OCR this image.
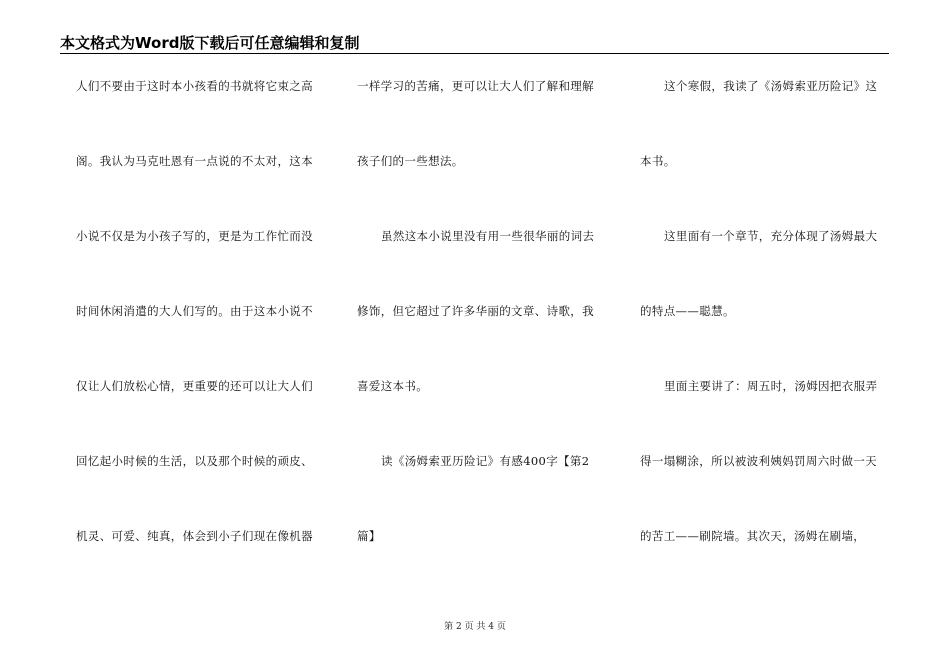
本文格式为Word版下载后可任意编辑和复制
人们不要由于这时本小孩看的书就将它束之高
阁。我认为马克吐恩有一点说的不太对，这本
小说不仅是为小孩子写的，更是为工作忙而没
时间休闲消遣的大人们写的。由于这本小说不
仅让人们放松心情，更重要的还可以让大人们
回忆起小时候的生活，以及那个时候的顽皮、
机灵、可爱、纯真，体会到小子们现在像机器
一样学习的苦痛，更可以让大人们了解和理解
孩子们的一些想法。
虽然这本小说里没有用一些很华丽的词去
修饰，但它超过了许多华丽的文章、诗歌，我
喜爱这本书。
读《汤姆索亚历险记》有感400字【第2
篇】
这个寒假，我读了《汤姆索亚历险记》这
本书。
这里面有一个章节，充分体现了汤姆最大
的特点——聪慧。
里面主要讲了：周五时，汤姆因把衣服弄
得一塌糊涂，所以被波利姨妈罚周六时做一天
的苦工——刷院墙。其次天，汤姆在刷墙，
第 2 页 共 4 页
